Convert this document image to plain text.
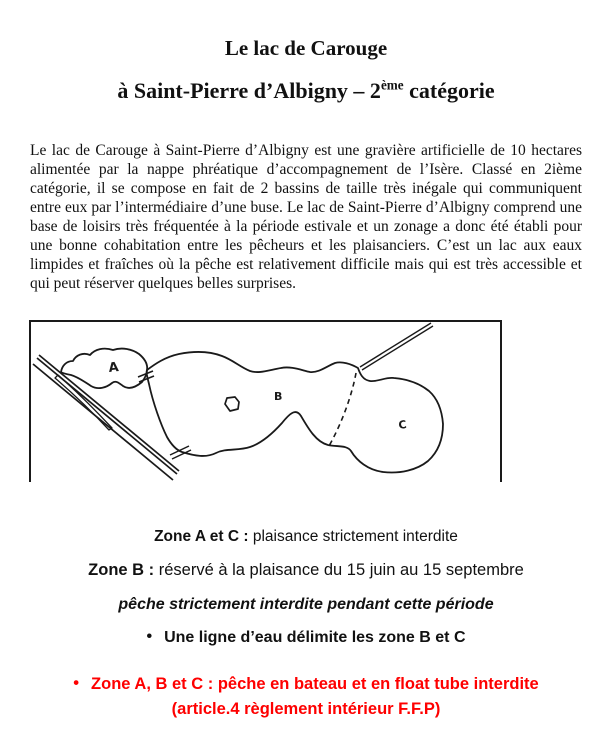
Le lac de Carouge
à Saint-Pierre d’Albigny – 2ème catégorie
Le lac de Carouge à Saint-Pierre d’Albigny est une gravière artificielle de 10 hectares alimentée par la nappe phréatique d’accompagnement de l’Isère. Classé en 2ième catégorie, il se compose en fait de 2 bassins de taille très inégale qui communiquent entre eux par l’intermédiaire d’une buse. Le lac de Saint-Pierre d’Albigny comprend une base de loisirs très fréquentée à la période estivale et un zonage a donc été établi pour une bonne cohabitation entre les pêcheurs et les plaisanciers. C’est un lac aux eaux limpides et fraîches où la pêche est relativement difficile mais qui est très accessible et qui peut réserver quelques belles surprises.
A
B
C
Zone A et C : plaisance strictement interdite
Zone B : réservé à la plaisance du 15 juin au 15 septembre
pêche strictement interdite pendant cette période
• Une ligne d’eau délimite les zone B et C
• Zone A, B et C : pêche en bateau et en float tube interdite
(article.4 règlement intérieur F.F.P)
